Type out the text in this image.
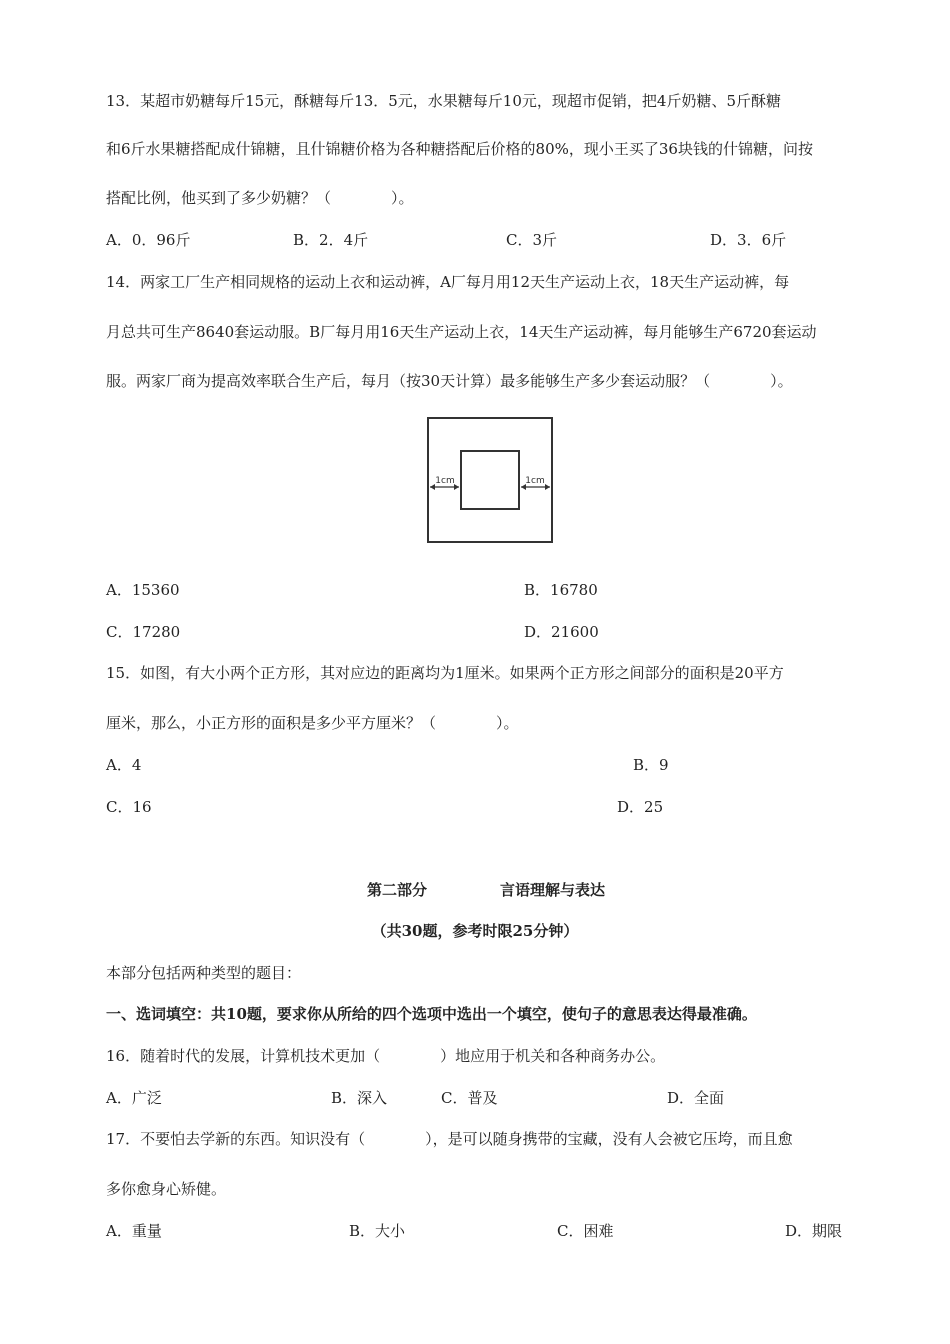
13．某超市奶糖每斤15元，酥糖每斤13．5元，水果糖每斤10元，现超市促销，把4斤奶糖、5斤酥糖
和6斤水果糖搭配成什锦糖，且什锦糖价格为各种糖搭配后价格的80%，现小王买了36块钱的什锦糖，问按
搭配比例，他买到了多少奶糖？（　　　　）。
A．0．96斤	B．2．4斤	C．3斤	D．3．6斤
14．两家工厂生产相同规格的运动上衣和运动裤，A厂每月用12天生产运动上衣，18天生产运动裤，每
月总共可生产8640套运动服。B厂每月用16天生产运动上衣，14天生产运动裤，每月能够生产6720套运动
服。两家厂商为提高效率联合生产后，每月（按30天计算）最多能够生产多少套运动服？（　　　　）。
1cm	1cm
A．15360	B．16780
C．17280	D．21600
15．如图，有大小两个正方形，其对应边的距离均为1厘米。如果两个正方形之间部分的面积是20平方
厘米，那么，小正方形的面积是多少平方厘米？（　　　　）。
A．4	B．9
C．16	D．25
第二部分	言语理解与表达
（共30题，参考时限25分钟）
本部分包括两种类型的题目：
一、选词填空：共10题，要求你从所给的四个选项中选出一个填空，使句子的意思表达得最准确。
16．随着时代的发展，计算机技术更加（　　　　）地应用于机关和各种商务办公。
A．广泛	B．深入	C．普及	D．全面
17．不要怕去学新的东西。知识没有（　　　　），是可以随身携带的宝藏，没有人会被它压垮，而且愈
多你愈身心矫健。
A．重量	B．大小	C．困难	D．期限
